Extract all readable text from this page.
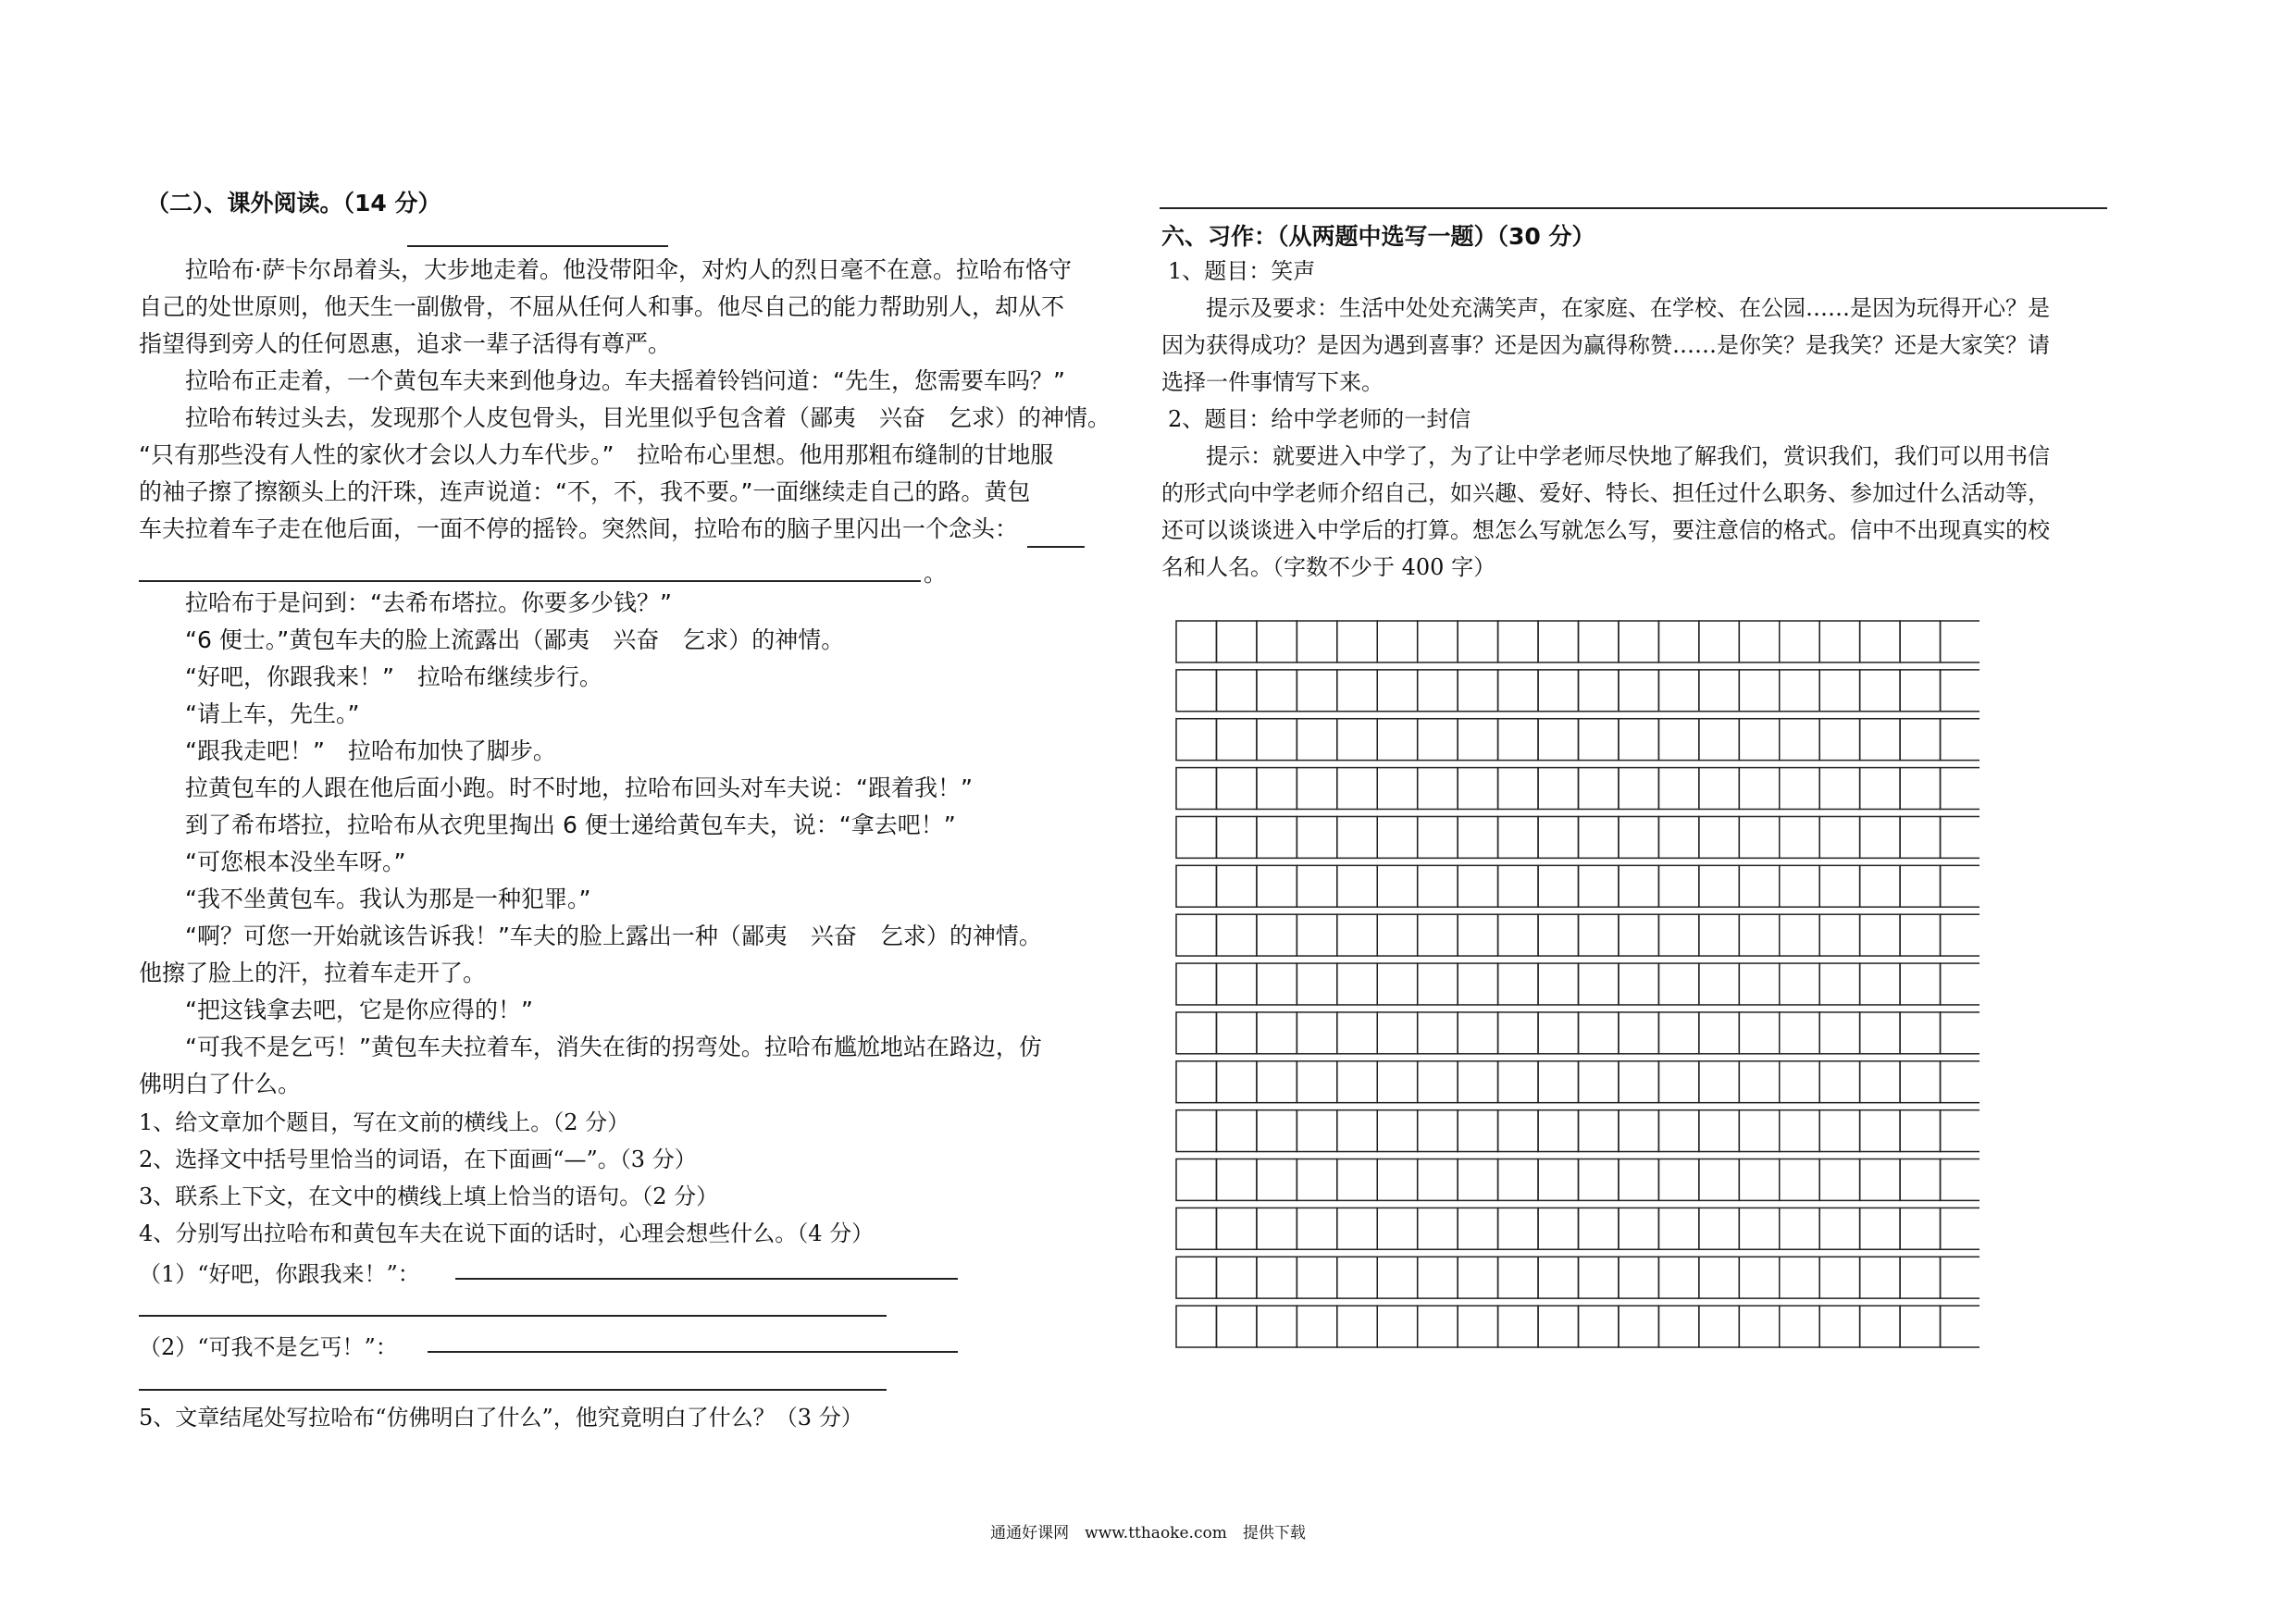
（二）、课外阅读。（14 分）
　　拉哈布·萨卡尔昂着头，大步地走着。他没带阳伞，对灼人的烈日毫不在意。拉哈布恪守
自己的处世原则，他天生一副傲骨，不屈从任何人和事。他尽自己的能力帮助别人，却从不
指望得到旁人的任何恩惠，追求一辈子活得有尊严。
　　拉哈布正走着，一个黄包车夫来到他身边。车夫摇着铃铛问道：“先生，您需要车吗？”
　　拉哈布转过头去，发现那个人皮包骨头，目光里似乎包含着（鄙夷　兴奋　乞求）的神情。
“只有那些没有人性的家伙才会以人力车代步。”　拉哈布心里想。他用那粗布缝制的甘地服
的袖子擦了擦额头上的汗珠，连声说道：“不，不，我不要。”一面继续走自己的路。黄包
车夫拉着车子走在他后面，一面不停的摇铃。突然间，拉哈布的脑子里闪出一个念头：
　　拉哈布于是问到：“去希布塔拉。你要多少钱？”
　　“6 便士。”黄包车夫的脸上流露出（鄙夷　兴奋　乞求）的神情。
　　“好吧，你跟我来！”　拉哈布继续步行。
　　“请上车，先生。”
　　“跟我走吧！”　拉哈布加快了脚步。
　　拉黄包车的人跟在他后面小跑。时不时地，拉哈布回头对车夫说：“跟着我！”
　　到了希布塔拉，拉哈布从衣兜里掏出 6 便士递给黄包车夫，说：“拿去吧！”
　　“可您根本没坐车呀。”
　　“我不坐黄包车。我认为那是一种犯罪。”
　　“啊？可您一开始就该告诉我！”车夫的脸上露出一种（鄙夷　兴奋　乞求）的神情。
他擦了脸上的汗，拉着车走开了。
　　“把这钱拿去吧，它是你应得的！”
　　“可我不是乞丐！”黄包车夫拉着车，消失在街的拐弯处。拉哈布尴尬地站在路边，仿
佛明白了什么。
。
1、给文章加个题目，写在文前的横线上。（2 分）
2、选择文中括号里恰当的词语，在下面画“—”。（3 分）
3、联系上下文，在文中的横线上填上恰当的语句。（2 分）
4、分别写出拉哈布和黄包车夫在说下面的话时，心理会想些什么。（4 分）
（1）“好吧，你跟我来！”：
（2）“可我不是乞丐！”：
5、文章结尾处写拉哈布“仿佛明白了什么”，他究竟明白了什么？（3 分）
六、习作：（从两题中选写一题）（30 分）
1、题目：笑声
　　提示及要求：生活中处处充满笑声，在家庭、在学校、在公园……是因为玩得开心？是
因为获得成功？是因为遇到喜事？还是因为赢得称赞……是你笑？是我笑？还是大家笑？请
选择一件事情写下来。
2、题目：给中学老师的一封信
　　提示：就要进入中学了，为了让中学老师尽快地了解我们，赏识我们，我们可以用书信
的形式向中学老师介绍自己，如兴趣、爱好、特长、担任过什么职务、参加过什么活动等，
还可以谈谈进入中学后的打算。想怎么写就怎么写，要注意信的格式。信中不出现真实的校
名和人名。（字数不少于 400 字）
通通好课网　www.tthaoke.com　提供下载
